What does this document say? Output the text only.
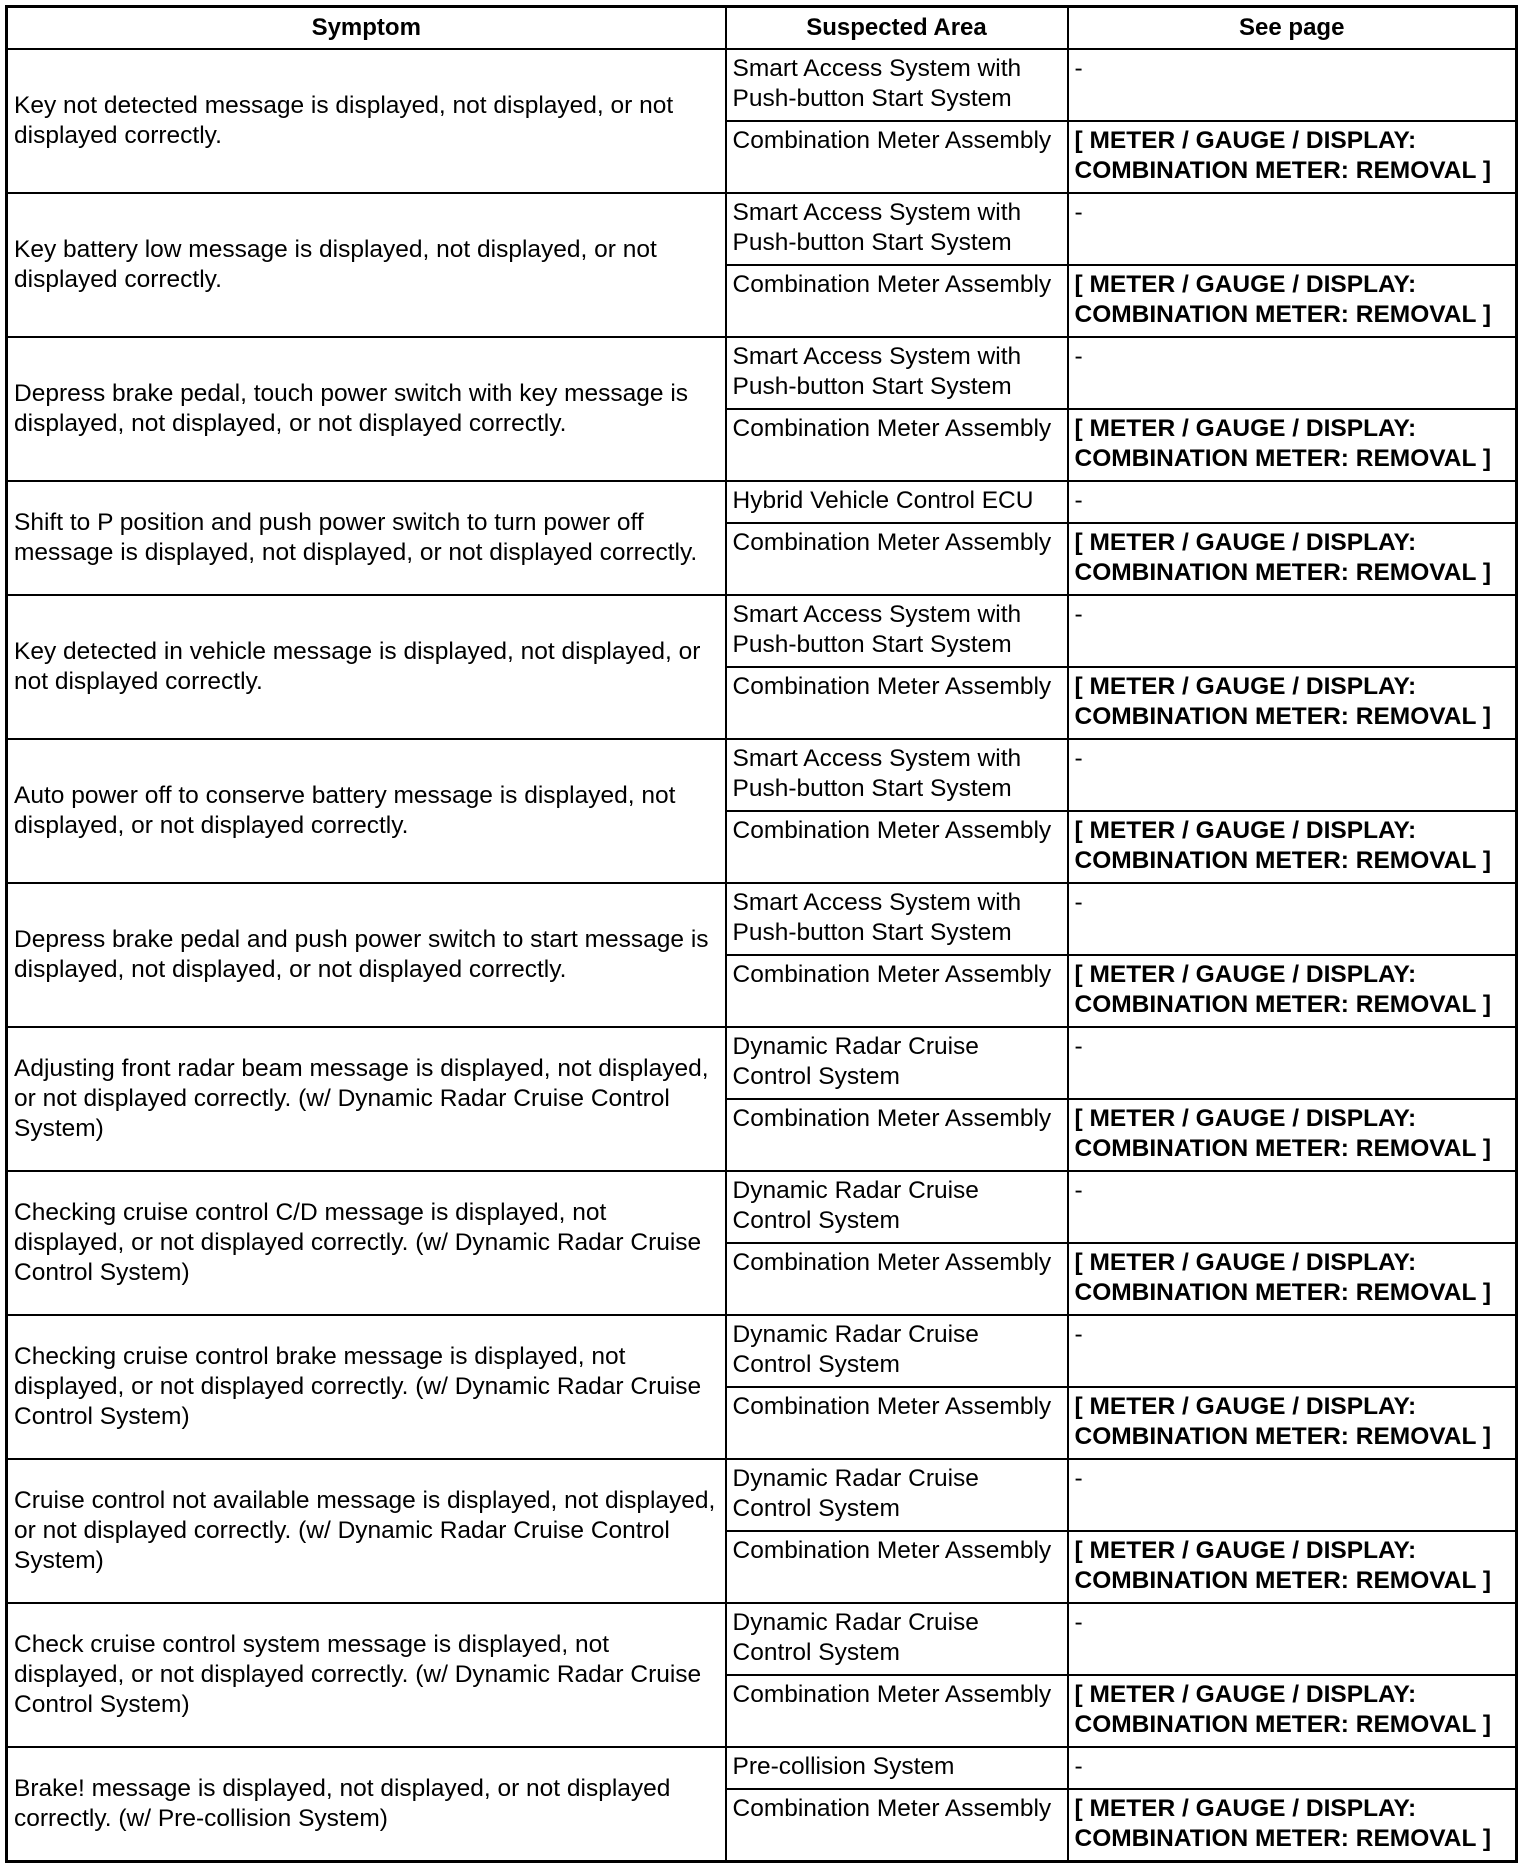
Symptom	Suspected Area	See page
Key not detected message is displayed, not displayed, or not displayed correctly.	Smart Access System with Push-button Start System	-
	Combination Meter Assembly	[ METER / GAUGE / DISPLAY: COMBINATION METER: REMOVAL ]
Key battery low message is displayed, not displayed, or not displayed correctly.	Smart Access System with Push-button Start System	-
	Combination Meter Assembly	[ METER / GAUGE / DISPLAY: COMBINATION METER: REMOVAL ]
Depress brake pedal, touch power switch with key message is displayed, not displayed, or not displayed correctly.	Smart Access System with Push-button Start System	-
	Combination Meter Assembly	[ METER / GAUGE / DISPLAY: COMBINATION METER: REMOVAL ]
Shift to P position and push power switch to turn power off message is displayed, not displayed, or not displayed correctly.	Hybrid Vehicle Control ECU	-
	Combination Meter Assembly	[ METER / GAUGE / DISPLAY: COMBINATION METER: REMOVAL ]
Key detected in vehicle message is displayed, not displayed, or not displayed correctly.	Smart Access System with Push-button Start System	-
	Combination Meter Assembly	[ METER / GAUGE / DISPLAY: COMBINATION METER: REMOVAL ]
Auto power off to conserve battery message is displayed, not displayed, or not displayed correctly.	Smart Access System with Push-button Start System	-
	Combination Meter Assembly	[ METER / GAUGE / DISPLAY: COMBINATION METER: REMOVAL ]
Depress brake pedal and push power switch to start message is displayed, not displayed, or not displayed correctly.	Smart Access System with Push-button Start System	-
	Combination Meter Assembly	[ METER / GAUGE / DISPLAY: COMBINATION METER: REMOVAL ]
Adjusting front radar beam message is displayed, not displayed, or not displayed correctly. (w/ Dynamic Radar Cruise Control System)	Dynamic Radar Cruise Control System	-
	Combination Meter Assembly	[ METER / GAUGE / DISPLAY: COMBINATION METER: REMOVAL ]
Checking cruise control C/D message is displayed, not displayed, or not displayed correctly. (w/ Dynamic Radar Cruise Control System)	Dynamic Radar Cruise Control System	-
	Combination Meter Assembly	[ METER / GAUGE / DISPLAY: COMBINATION METER: REMOVAL ]
Checking cruise control brake message is displayed, not displayed, or not displayed correctly. (w/ Dynamic Radar Cruise Control System)	Dynamic Radar Cruise Control System	-
	Combination Meter Assembly	[ METER / GAUGE / DISPLAY: COMBINATION METER: REMOVAL ]
Cruise control not available message is displayed, not displayed, or not displayed correctly. (w/ Dynamic Radar Cruise Control System)	Dynamic Radar Cruise Control System	-
	Combination Meter Assembly	[ METER / GAUGE / DISPLAY: COMBINATION METER: REMOVAL ]
Check cruise control system message is displayed, not displayed, or not displayed correctly. (w/ Dynamic Radar Cruise Control System)	Dynamic Radar Cruise Control System	-
	Combination Meter Assembly	[ METER / GAUGE / DISPLAY: COMBINATION METER: REMOVAL ]
Brake! message is displayed, not displayed, or not displayed correctly. (w/ Pre-collision System)	Pre-collision System	-
	Combination Meter Assembly	[ METER / GAUGE / DISPLAY: COMBINATION METER: REMOVAL ]
